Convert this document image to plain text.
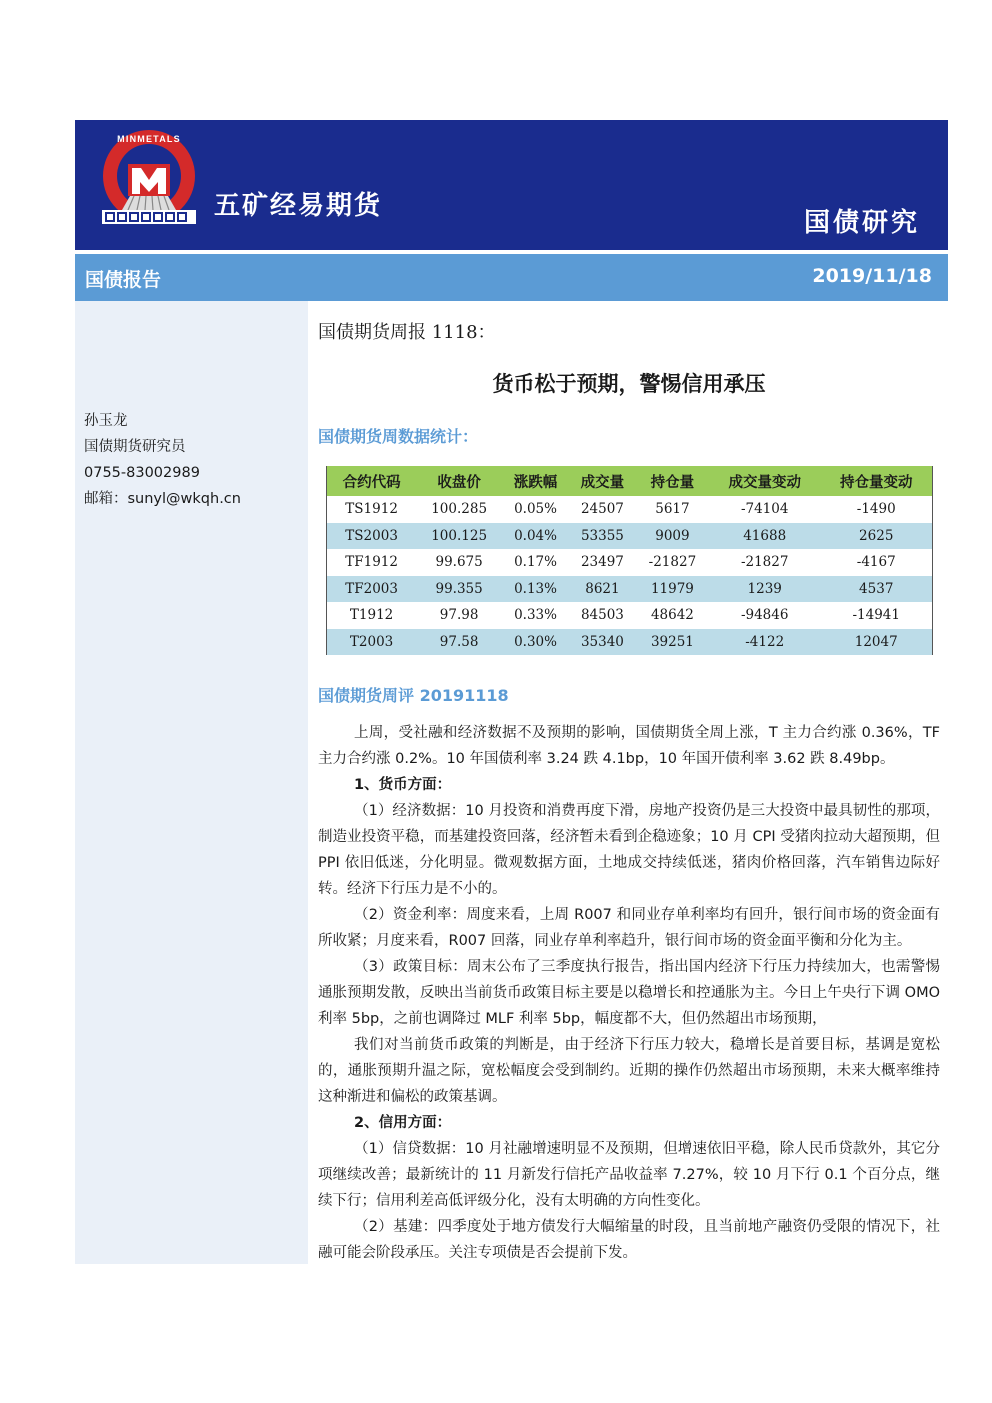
MINMETALS
五矿经易期货
国债研究
国债报告	2019/11/18
孙玉龙
国债期货研究员
0755-83002989
邮箱：sunyl@wkqh.cn
国债期货周报 1118：
货币松于预期，警惕信用承压
国债期货周数据统计：
合约代码	收盘价	涨跌幅	成交量	持仓量	成交量变动	持仓量变动
TS1912	100.285	0.05%	24507	5617	-74104	-1490
TS2003	100.125	0.04%	53355	9009	41688	2625
TF1912	99.675	0.17%	23497	-21827	-21827	-4167
TF2003	99.355	0.13%	8621	11979	1239	4537
T1912	97.98	0.33%	84503	48642	-94846	-14941
T2003	97.58	0.30%	35340	39251	-4122	12047
国债期货周评 20191118

上周，受社融和经济数据不及预期的影响，国债期货全周上涨，T 主力合约涨 0.36%，TF 主力合约涨 0.2%。10 年国债利率 3.24 跌 4.1bp，10 年国开债利率 3.62 跌 8.49bp。

1、货币方面：

（1）经济数据：10 月投资和消费再度下滑，房地产投资仍是三大投资中最具韧性的那项，制造业投资平稳，而基建投资回落，经济暂未看到企稳迹象；10 月 CPI 受猪肉拉动大超预期，但 PPI 依旧低迷，分化明显。微观数据方面，土地成交持续低迷，猪肉价格回落，汽车销售边际好转。经济下行压力是不小的。

（2）资金利率：周度来看，上周 R007 和同业存单利率均有回升，银行间市场的资金面有所收紧；月度来看，R007 回落，同业存单利率趋升，银行间市场的资金面平衡和分化为主。

（3）政策目标：周末公布了三季度执行报告，指出国内经济下行压力持续加大，也需警惕通胀预期发散，反映出当前货币政策目标主要是以稳增长和控通胀为主。今日上午央行下调 OMO 利率 5bp，之前也调降过 MLF 利率 5bp，幅度都不大，但仍然超出市场预期，

我们对当前货币政策的判断是，由于经济下行压力较大，稳增长是首要目标，基调是宽松的，通胀预期升温之际，宽松幅度会受到制约。近期的操作仍然超出市场预期，未来大概率维持这种渐进和偏松的政策基调。

2、信用方面：

（1）信贷数据：10 月社融增速明显不及预期，但增速依旧平稳，除人民币贷款外，其它分项继续改善；最新统计的 11 月新发行信托产品收益率 7.27%，较 10 月下行 0.1 个百分点，继续下行；信用利差高低评级分化，没有太明确的方向性变化。

（2）基建：四季度处于地方债发行大幅缩量的时段，且当前地产融资仍受限的情况下，社融可能会阶段承压。关注专项债是否会提前下发。
